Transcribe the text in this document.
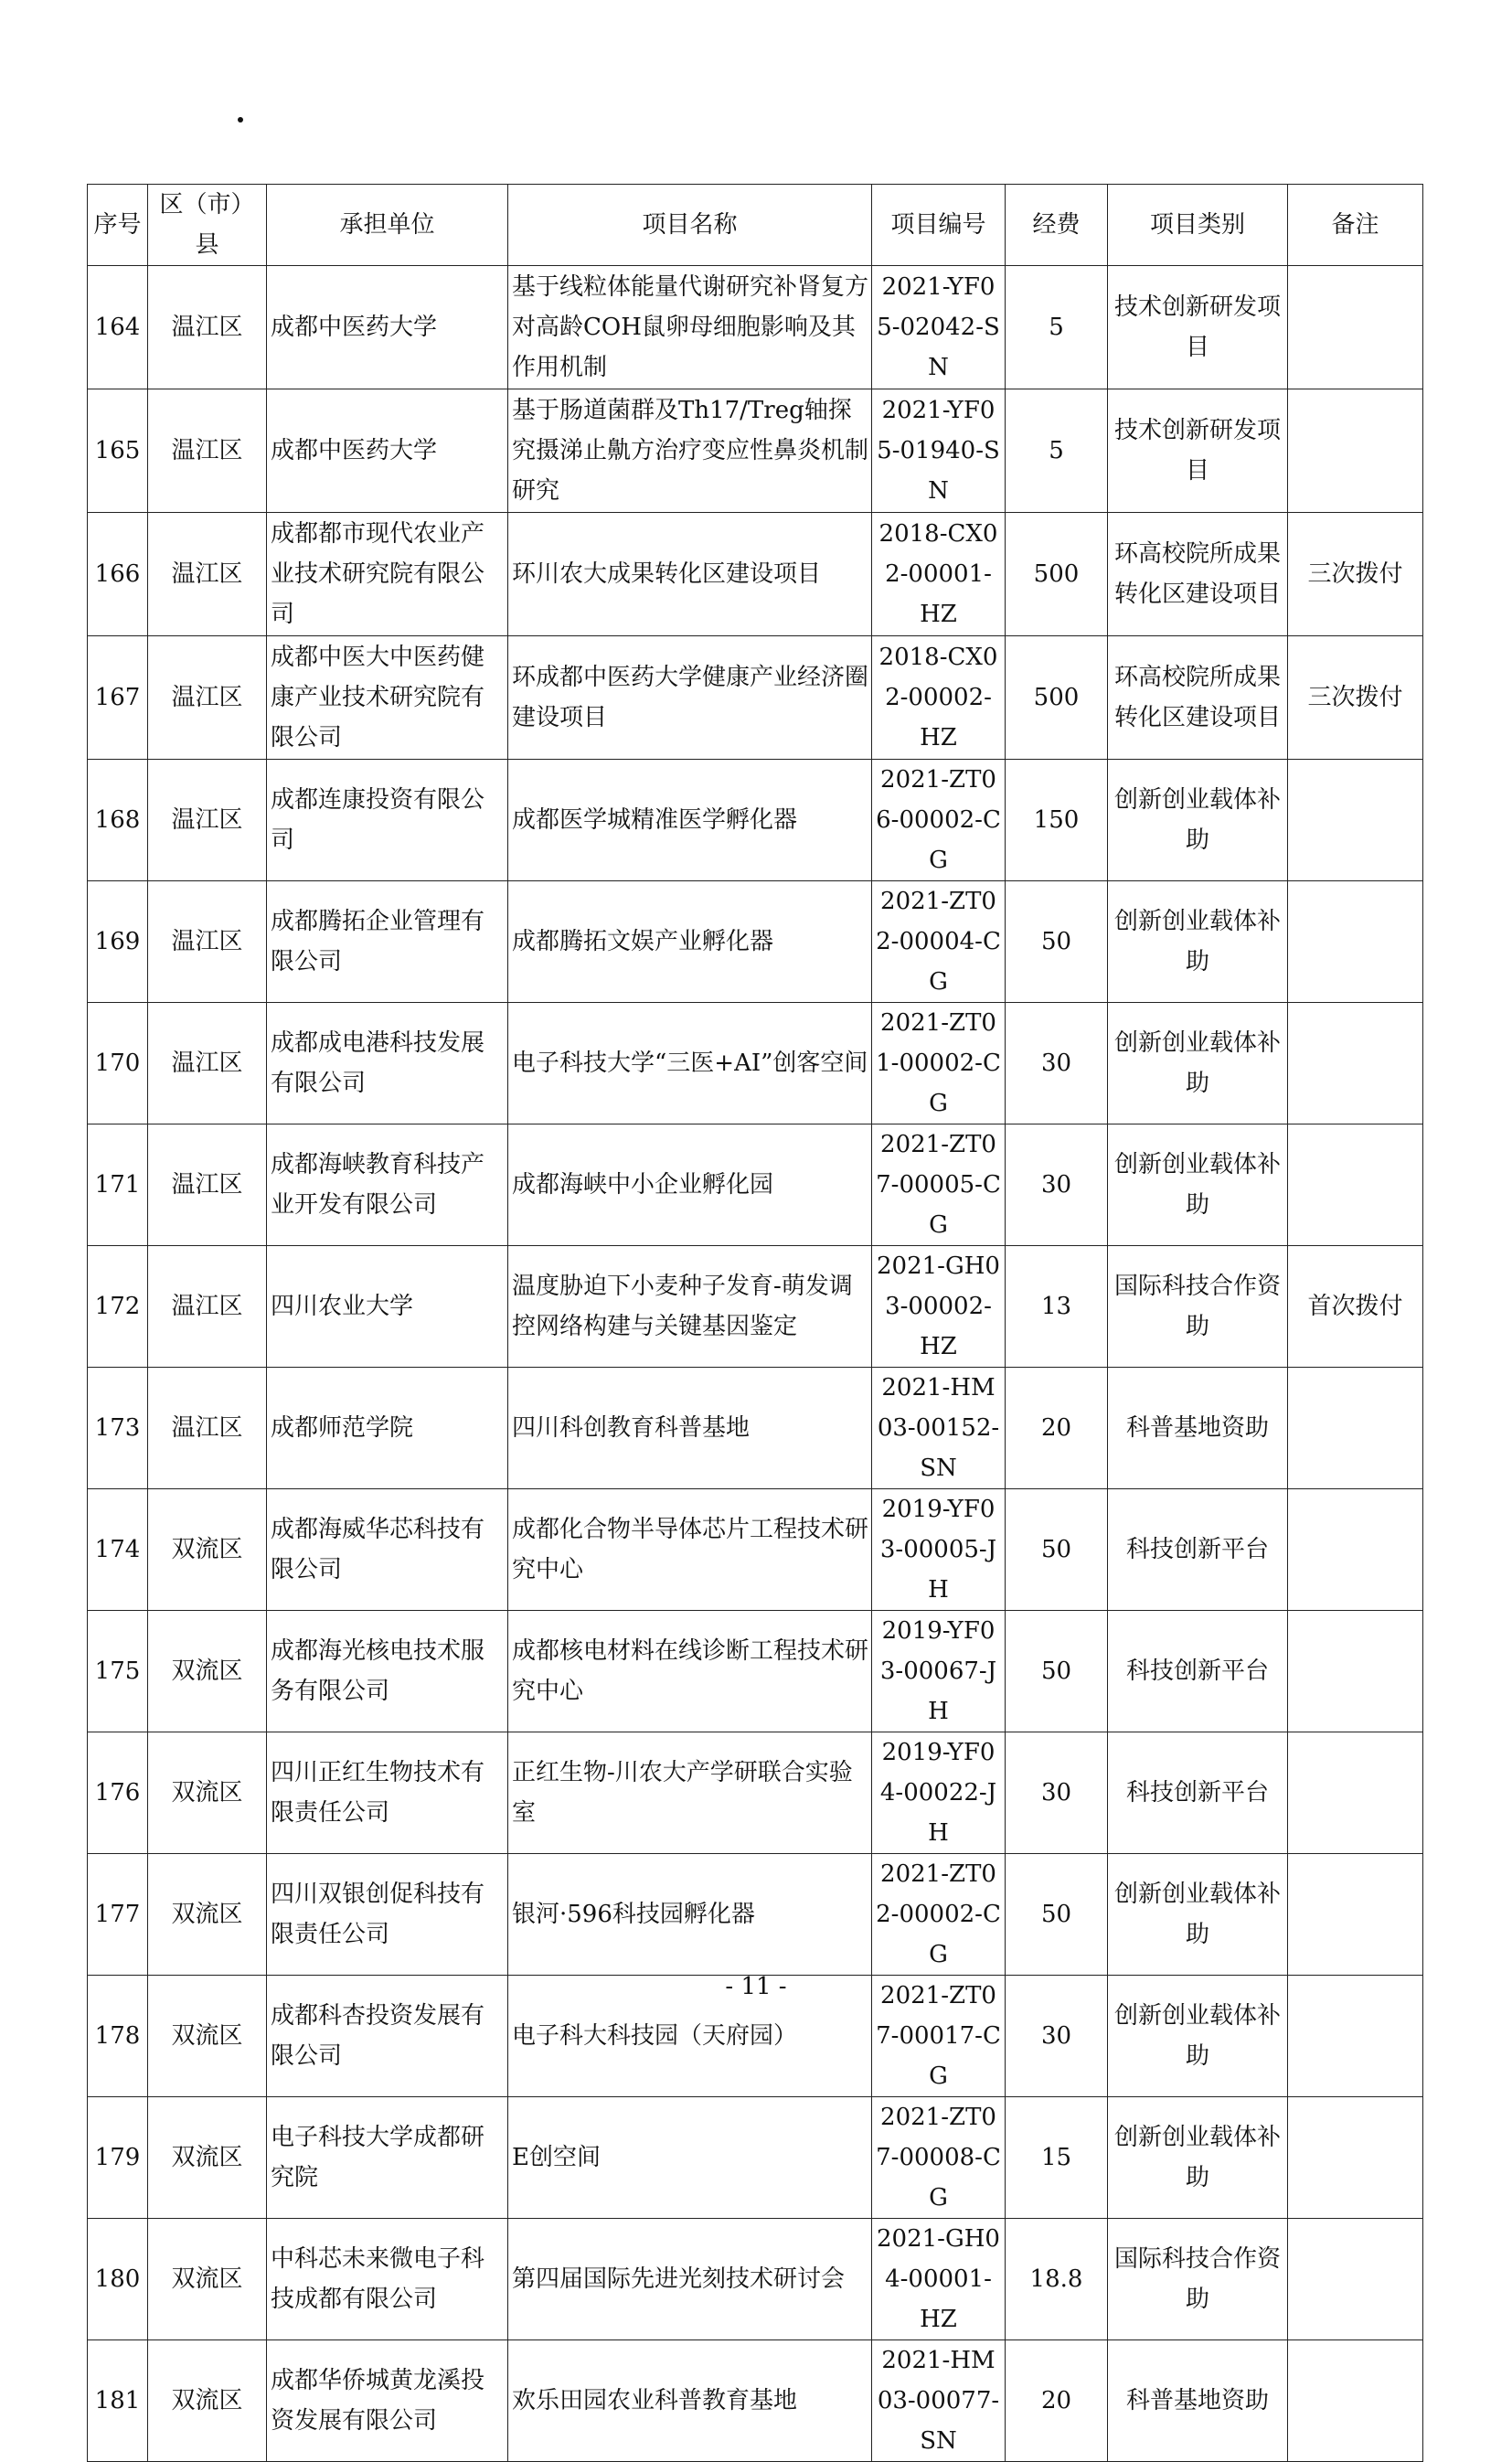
序号	区（市）县	承担单位	项目名称	项目编号	经费	项目类别	备注
164	温江区	成都中医药大学	基于线粒体能量代谢研究补肾复方对高龄COH鼠卵母细胞影响及其作用机制	2021-YF05-02042-SN	5	技术创新研发项目	
165	温江区	成都中医药大学	基于肠道菌群及Th17/Treg轴探究摄涕止鼽方治疗变应性鼻炎机制研究	2021-YF05-01940-SN	5	技术创新研发项目	
166	温江区	成都都市现代农业产业技术研究院有限公司	环川农大成果转化区建设项目	2018-CX02-00001-HZ	500	环高校院所成果转化区建设项目	三次拨付
167	温江区	成都中医大中医药健康产业技术研究院有限公司	环成都中医药大学健康产业经济圈建设项目	2018-CX02-00002-HZ	500	环高校院所成果转化区建设项目	三次拨付
168	温江区	成都连康投资有限公司	成都医学城精准医学孵化器	2021-ZT06-00002-CG	150	创新创业载体补助	
169	温江区	成都腾拓企业管理有限公司	成都腾拓文娱产业孵化器	2021-ZT02-00004-CG	50	创新创业载体补助	
170	温江区	成都成电港科技发展有限公司	电子科技大学“三医+AI”创客空间	2021-ZT01-00002-CG	30	创新创业载体补助	
171	温江区	成都海峡教育科技产业开发有限公司	成都海峡中小企业孵化园	2021-ZT07-00005-CG	30	创新创业载体补助	
172	温江区	四川农业大学	温度胁迫下小麦种子发育-萌发调控网络构建与关键基因鉴定	2021-GH03-00002-HZ	13	国际科技合作资助	首次拨付
173	温江区	成都师范学院	四川科创教育科普基地	2021-HM03-00152-SN	20	科普基地资助	
174	双流区	成都海威华芯科技有限公司	成都化合物半导体芯片工程技术研究中心	2019-YF03-00005-JH	50	科技创新平台	
175	双流区	成都海光核电技术服务有限公司	成都核电材料在线诊断工程技术研究中心	2019-YF03-00067-JH	50	科技创新平台	
176	双流区	四川正红生物技术有限责任公司	正红生物-川农大产学研联合实验室	2019-YF04-00022-JH	30	科技创新平台	
177	双流区	四川双银创促科技有限责任公司	银河·596科技园孵化器	2021-ZT02-00002-CG	50	创新创业载体补助	
178	双流区	成都科杏投资发展有限公司	电子科大科技园（天府园）	2021-ZT07-00017-CG	30	创新创业载体补助	
179	双流区	电子科技大学成都研究院	E创空间	2021-ZT07-00008-CG	15	创新创业载体补助	
180	双流区	中科芯未来微电子科技成都有限公司	第四届国际先进光刻技术研讨会	2021-GH04-00001-HZ	18.8	国际科技合作资助	
181	双流区	成都华侨城黄龙溪投资发展有限公司	欢乐田园农业科普教育基地	2021-HM03-00077-SN	20	科普基地资助	
- 11 -
